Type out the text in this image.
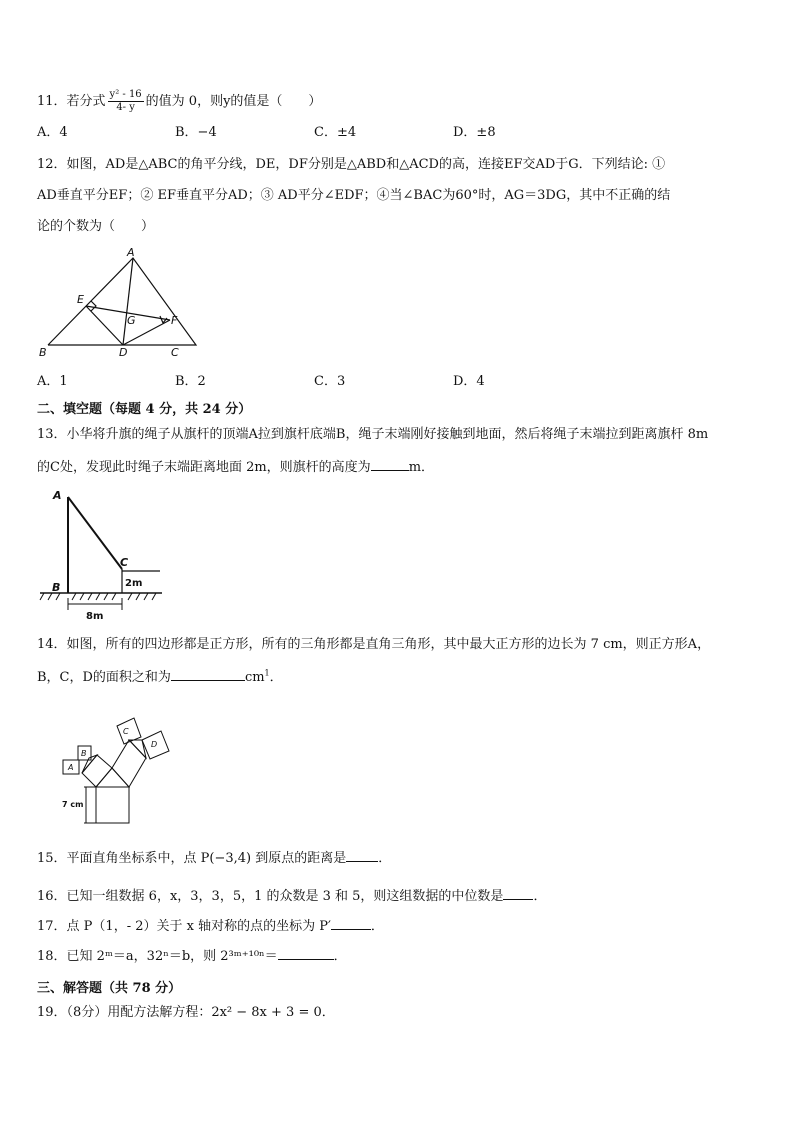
11．若分式 $\frac{\text{y² - 16}}{4- y}$ 的值为 0，则y的值是（　　）
A．4	B．−4	C．±4	D．±8
12．如图，AD是△ABC的角平分线，DE，DF分别是△ABD和△ACD的高，连接EF交AD于G．下列结论: ①
AD垂直平分EF；② EF垂直平分AD；③ AD平分∠EDF；④当∠BAC为60°时，AG＝3DG，其中不正确的结
论的个数为（　　）
A
E
G	F
B	D	C
A．1	B．2	C．3	D．4
二、填空题（每题 4 分，共 24 分）
13．小华将升旗的绳子从旗杆的顶端A拉到旗杆底端B，绳子末端刚好接触到地面，然后将绳子末端拉到距离旗杆 8m
的C处，发现此时绳子末端距离地面 2m，则旗杆的高度为	m．
A
C
B	2m
8m
14．如图，所有的四边形都是正方形，所有的三角形都是直角三角形，其中最大正方形的边长为 7 cm，则正方形A，
B，C，D的面积之和为	$cm^1$．
A
B
C
D
7 cm
15．平面直角坐标系中，点 P(−3,4) 到原点的距离是 ．
16．已知一组数据 6，x，3，3，5，1 的众数是 3 和 5，则这组数据的中位数是 ．
17．点 P（1，- 2）关于 x 轴对称的点的坐标为 P′	．
18．已知 2ᵐ＝a，32ⁿ＝b，则 2³ᵐ⁺¹⁰ⁿ＝	．
三、解答题（共 78 分）
19．（8分）用配方法解方程：2x² − 8x + 3 = 0．
